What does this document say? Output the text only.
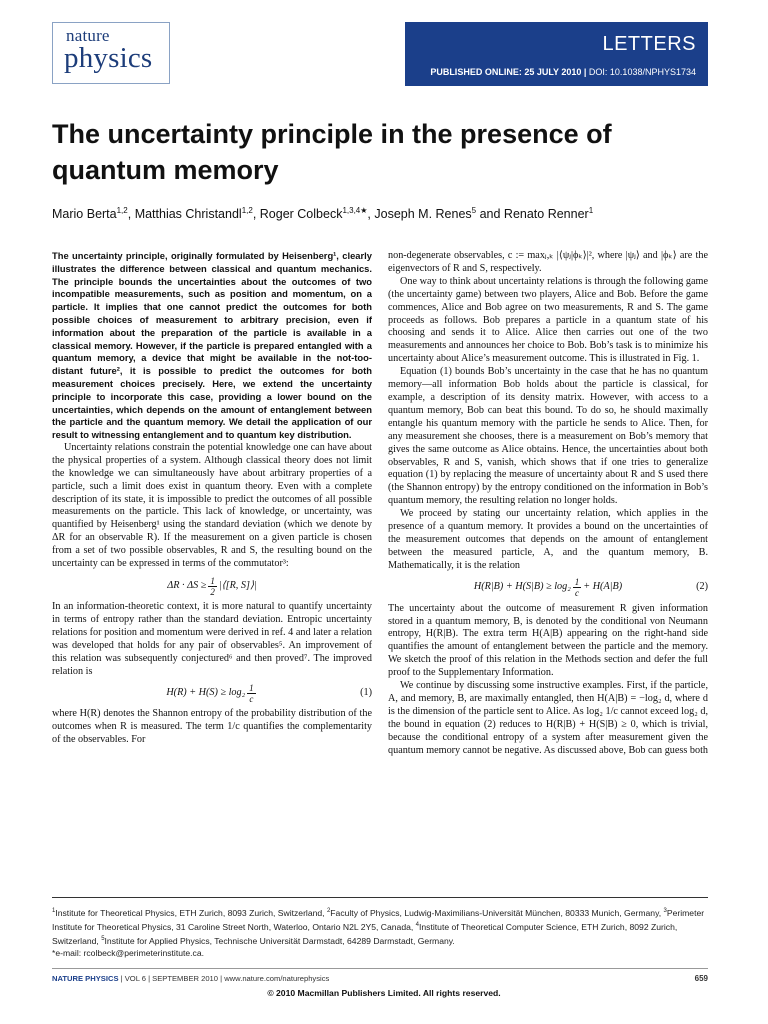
nature
physics	LETTERS
PUBLISHED ONLINE: 25 JULY 2010 | DOI: 10.1038/NPHYS1734
The uncertainty principle in the presence of quantum memory
Mario Berta$^{1,2}$, Matthias Christandl$^{1,2}$, Roger Colbeck$^{1,3,4★}$, Joseph M. Renes$^5$ and Renato Renner$^1$

The uncertainty principle, originally formulated by Heisenberg¹, clearly illustrates the difference between classical and quantum mechanics. The principle bounds the uncertainties about the outcomes of two incompatible measurements, such as position and momentum, on a particle. It implies that one cannot predict the outcomes for both possible choices of measurement to arbitrary precision, even if information about the preparation of the particle is available in a classical memory. However, if the particle is prepared entangled with a quantum memory, a device that might be available in the not-too-distant future², it is possible to predict the outcomes for both measurement choices precisely. Here, we extend the uncertainty principle to incorporate this case, providing a lower bound on the uncertainties, which depends on the amount of entanglement between the particle and the quantum memory. We detail the application of our result to witnessing entanglement and to quantum key distribution.

Uncertainty relations constrain the potential knowledge one can have about the physical properties of a system. Although classical theory does not limit the knowledge we can simultaneously have about arbitrary properties of a particle, such a limit does exist in quantum theory. Even with a complete description of its state, it is impossible to predict the outcomes of all possible measurements on the particle. This lack of knowledge, or uncertainty, was quantified by Heisenberg¹ using the standard deviation (which we denote by ΔR for an observable R). If the measurement on a given particle is chosen from a set of two possible observables, R and S, the resulting bound on the uncertainty can be expressed in terms of the commutator³:

$\Delta R \cdot \Delta S \ge \frac{1}{2}$ |⟨[R, S]⟩|

In an information-theoretic context, it is more natural to quantify uncertainty in terms of entropy rather than the standard deviation. Entropic uncertainty relations for position and momentum were derived in ref. 4 and later a relation was developed that holds for any pair of observables⁵. An improvement of this relation was subsequently conjectured⁶ and then proved⁷. The improved relation is

$H(R) + H(S) \ge \log_2 \frac{1}{c}$	(1)

where H(R) denotes the Shannon entropy of the probability distribution of the outcomes when R is measured. The term 1/c quantifies the complementarity of the observables. For

non-degenerate observables, c := maxⱼ,ₖ |⟨ψⱼ|ϕₖ⟩|², where |ψⱼ⟩ and |ϕₖ⟩ are the eigenvectors of R and S, respectively.

One way to think about uncertainty relations is through the following game (the uncertainty game) between two players, Alice and Bob. Before the game commences, Alice and Bob agree on two measurements, R and S. The game proceeds as follows. Bob prepares a particle in a quantum state of his choosing and sends it to Alice. Alice then carries out one of the two measurements and announces her choice to Bob. Bob’s task is to minimize his uncertainty about Alice’s measurement outcome. This is illustrated in Fig. 1.

Equation (1) bounds Bob’s uncertainty in the case that he has no quantum memory—all information Bob holds about the particle is classical, for example, a description of its density matrix. However, with access to a quantum memory, Bob can beat this bound. To do so, he should maximally entangle his quantum memory with the particle he sends to Alice. Then, for any measurement she chooses, there is a measurement on Bob’s memory that gives the same outcome as Alice obtains. Hence, the uncertainties about both observables, R and S, vanish, which shows that if one tries to generalize equation (1) by replacing the measure of uncertainty about R and S used there (the Shannon entropy) by the entropy conditioned on the information in Bob’s quantum memory, the resulting relation no longer holds.

We proceed by stating our uncertainty relation, which applies in the presence of a quantum memory. It provides a bound on the uncertainties of the measurement outcomes that depends on the amount of entanglement between the measured particle, A, and the quantum memory, B. Mathematically, it is the relation

$H(R|B) + H(S|B) \ge \log_2 \frac{1}{c} + H(A|B)$	(2)

The uncertainty about the outcome of measurement R given information stored in a quantum memory, B, is denoted by the conditional von Neumann entropy, H(R|B). The extra term H(A|B) appearing on the right-hand side quantifies the amount of entanglement between the particle and the memory. We sketch the proof of this relation in the Methods section and defer the full proof to the Supplementary Information.

We continue by discussing some instructive examples. First, if the particle, A, and memory, B, are maximally entangled, then H(A|B) = −log₂ d, where d is the dimension of the particle sent to Alice. As log₂ 1/c cannot exceed log₂ d, the bound in equation (2) reduces to H(R|B) + H(S|B) ≥ 0, which is trivial, because the conditional entropy of a system after measurement given the quantum memory cannot be negative. As discussed above, Bob can guess both

$^1$Institute for Theoretical Physics, ETH Zurich, 8093 Zurich, Switzerland, $^2$Faculty of Physics, Ludwig-Maximilians-Universität München, 80333 Munich, Germany, $^3$Perimeter Institute for Theoretical Physics, 31 Caroline Street North, Waterloo, Ontario N2L 2Y5, Canada, $^4$Institute of Theoretical Computer Science, ETH Zurich, 8092 Zurich, Switzerland, $^5$Institute for Applied Physics, Technische Universität Darmstadt, 64289 Darmstadt, Germany.
*e-mail: rcolbeck@perimeterinstitute.ca.
NATURE PHYSICS | VOL 6 | SEPTEMBER 2010 | www.nature.com/naturephysics	659
© 2010 Macmillan Publishers Limited. All rights reserved.
